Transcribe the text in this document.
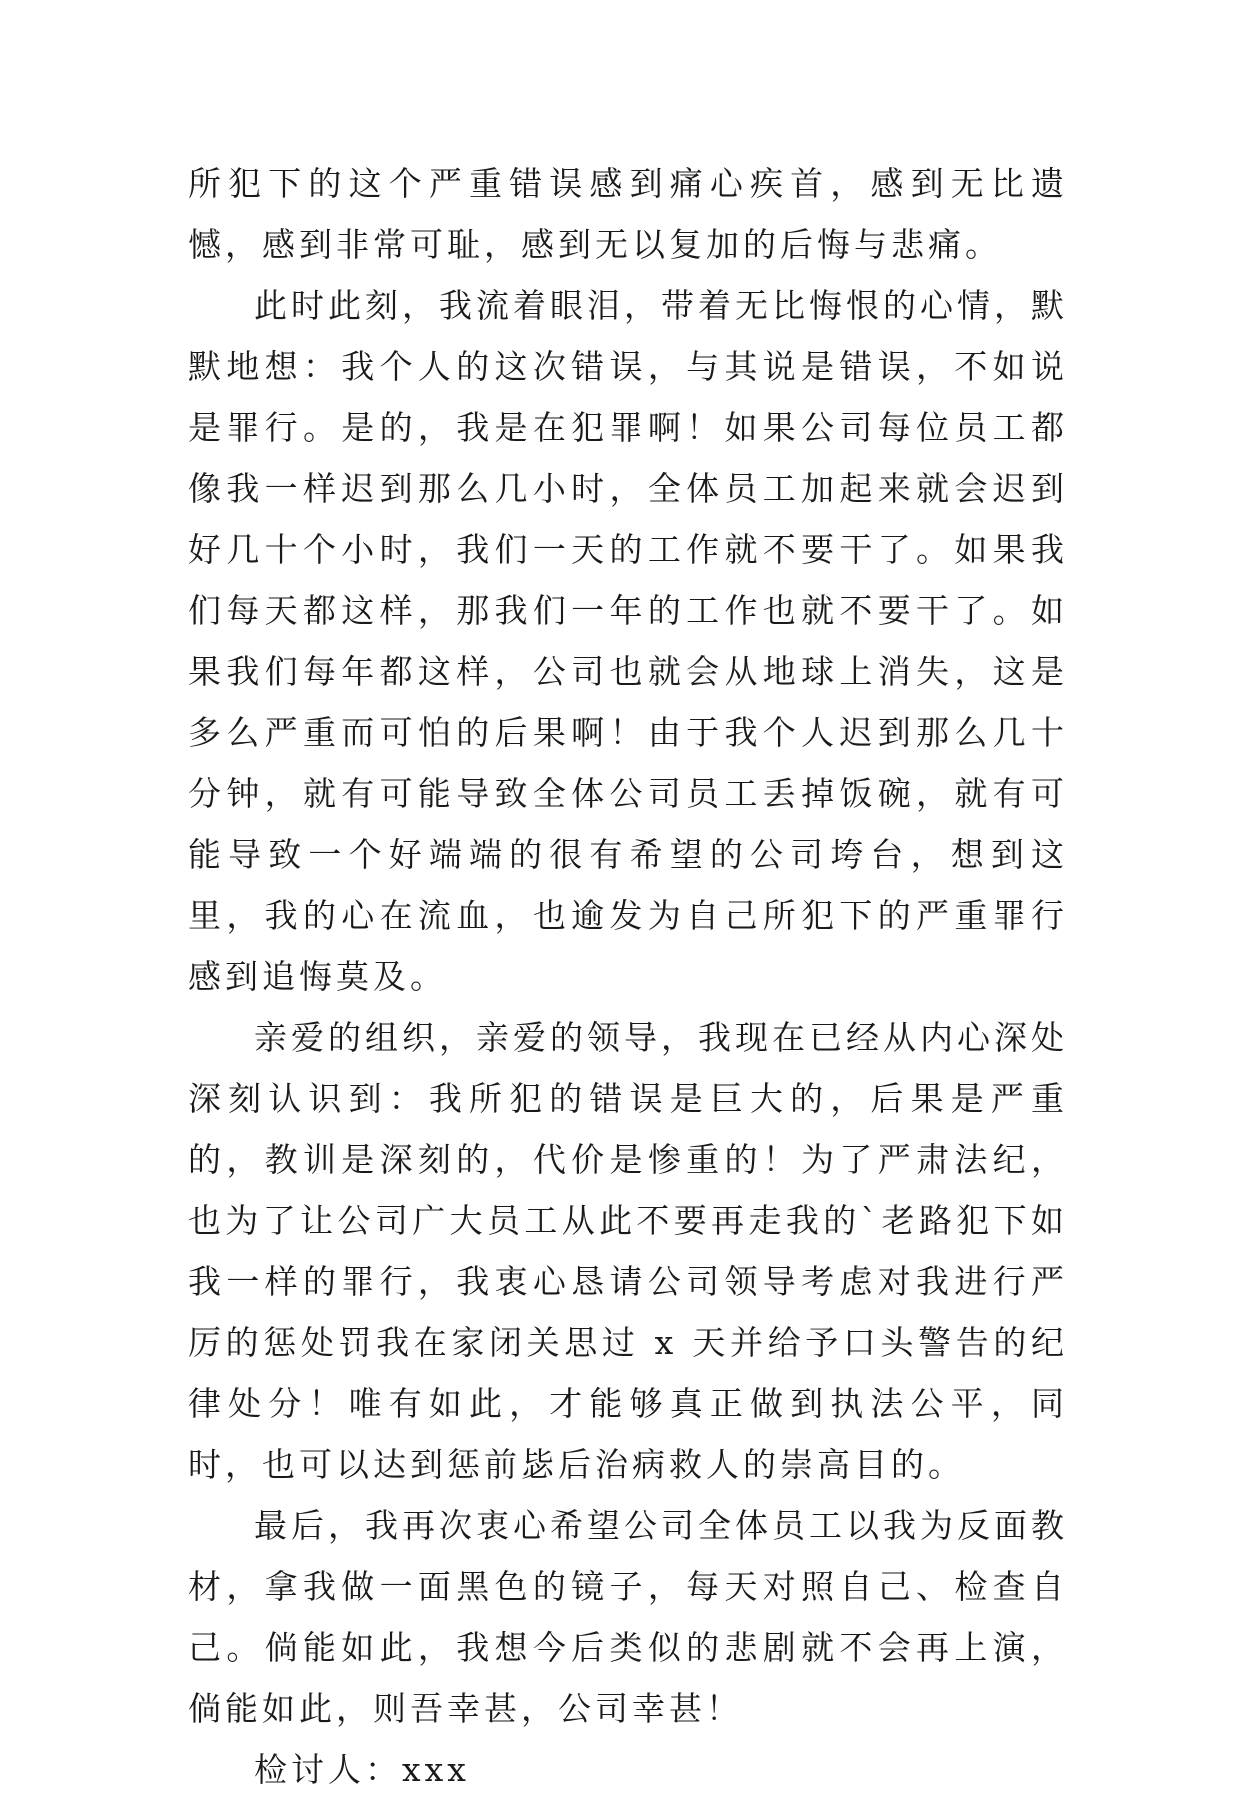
所犯下的这个严重错误感到痛心疾首，感到无比遗憾，感到非常可耻，感到无以复加的后悔与悲痛。

此时此刻，我流着眼泪，带着无比悔恨的心情，默默地想：我个人的这次错误，与其说是错误，不如说是罪行。是的，我是在犯罪啊！如果公司每位员工都像我一样迟到那么几小时，全体员工加起来就会迟到好几十个小时，我们一天的工作就不要干了。如果我们每天都这样，那我们一年的工作也就不要干了。如果我们每年都这样，公司也就会从地球上消失，这是多么严重而可怕的后果啊！由于我个人迟到那么几十分钟，就有可能导致全体公司员工丢掉饭碗，就有可能导致一个好端端的很有希望的公司垮台，想到这里，我的心在流血，也逾发为自己所犯下的严重罪行感到追悔莫及。

亲爱的组织，亲爱的领导，我现在已经从内心深处深刻认识到：我所犯的错误是巨大的，后果是严重的，教训是深刻的，代价是惨重的！为了严肃法纪，也为了让公司广大员工从此不要再走我的`老路犯下如我一样的罪行，我衷心恳请公司领导考虑对我进行严厉的惩处罚我在家闭关思过 x 天并给予口头警告的纪律处分！唯有如此，才能够真正做到执法公平，同时，也可以达到惩前毖后治病救人的崇高目的。

最后，我再次衷心希望公司全体员工以我为反面教材，拿我做一面黑色的镜子，每天对照自己、检查自己。倘能如此，我想今后类似的悲剧就不会再上演，倘能如此，则吾幸甚，公司幸甚！

检讨人：xxx
